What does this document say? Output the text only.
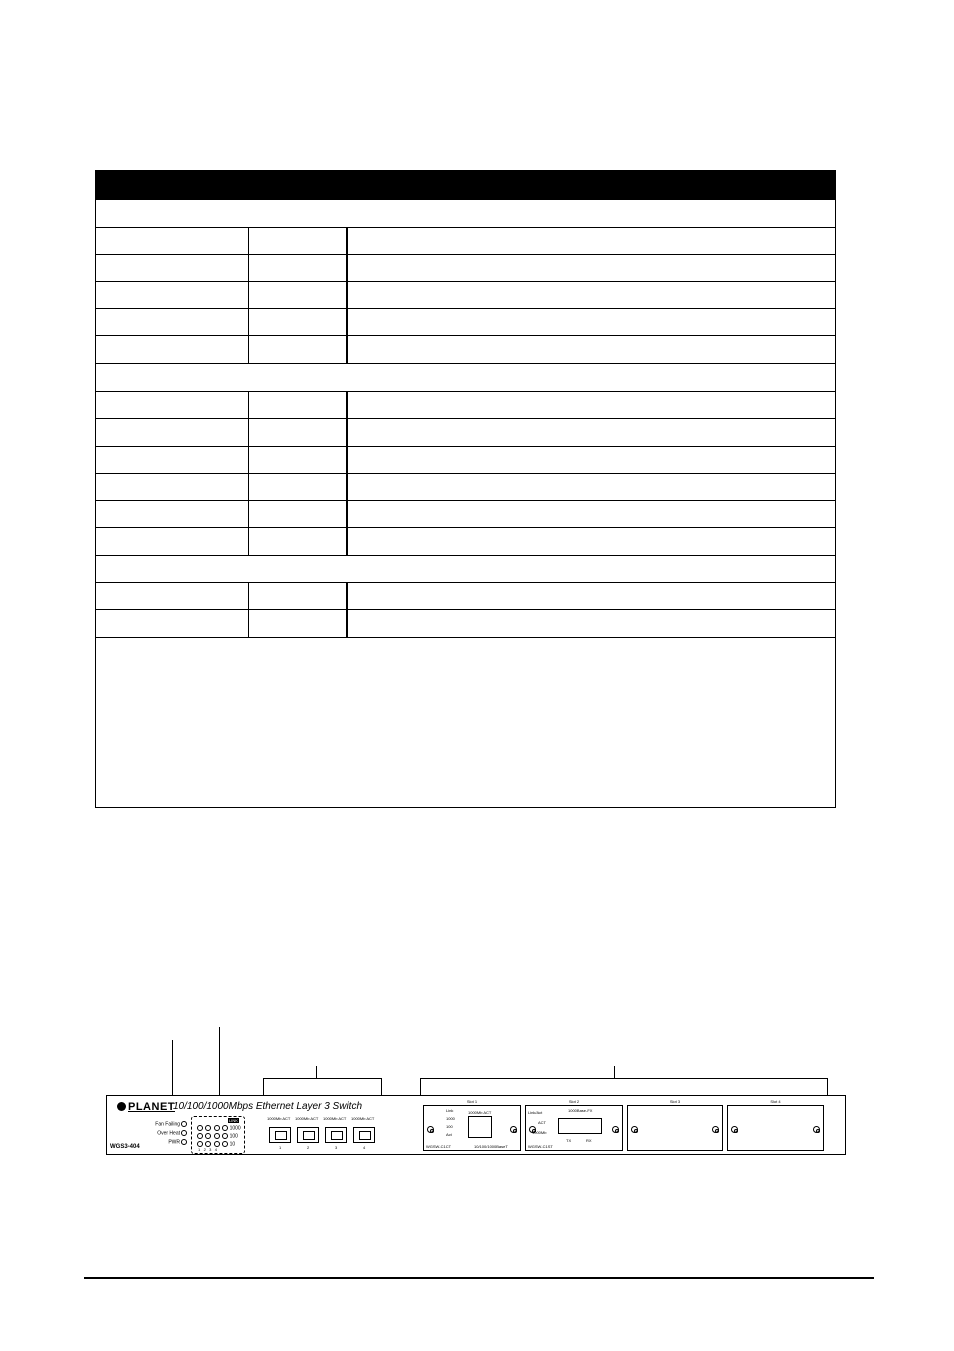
PLANET
10/100/1000Mbps Ethernet Layer 3 Switch
WGS3-404
Fan Failing
Over Heat
PWR
LINK
1000
100
10
1 2 3 4
1000Mb ACT 1000Mb ACT 1000Mb ACT 1000Mb ACT
1	2	3	4
Slot 1
Link
1000
100
Act
1000Mb ACT
WGSW-C1CT	10/100/1000BaseT
Slot 2
Link/Act
ACT
1000Mb
1000Base-FX
TX	RX
WGSW-C1ST
Slot 3	Slot 4
